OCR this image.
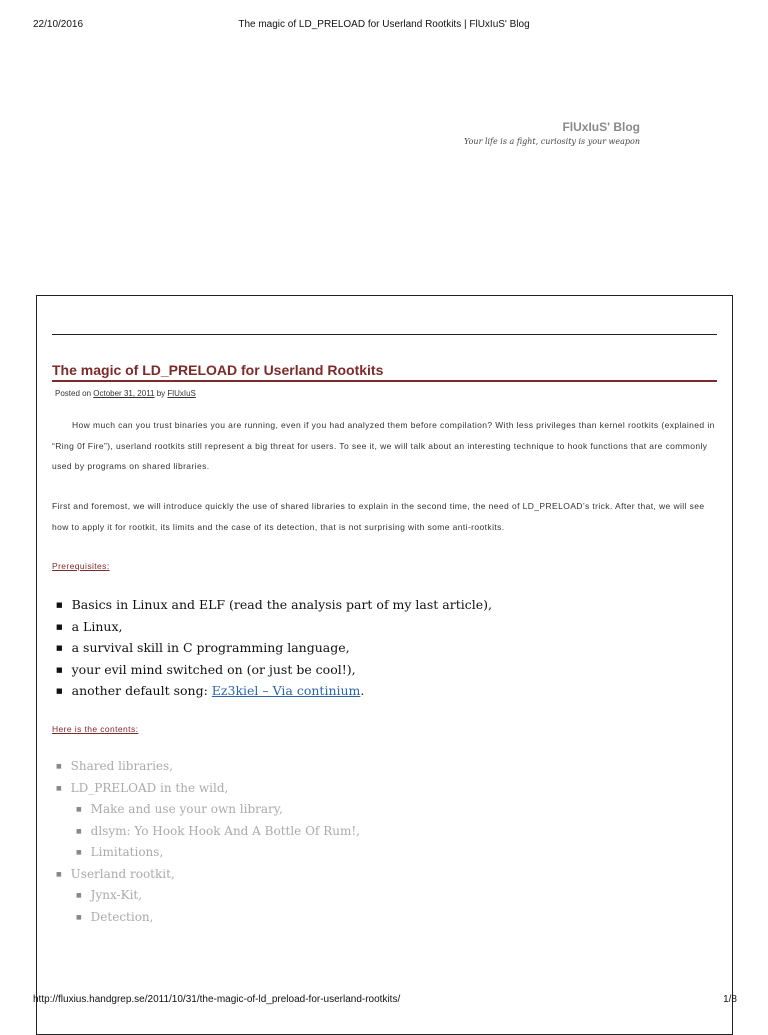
22/10/2016	The magic of LD_PRELOAD for Userland Rootkits | FlUxIuS' Blog
FlUxIuS' Blog
Your life is a fight, curiosity is your weapon
The magic of LD_PRELOAD for Userland Rootkits
Posted on October 31, 2011 by FlUxIuS

How much can you trust binaries you are running, even if you had analyzed them before compilation? With less privileges than kernel rootkits (explained in “Ring 0f Fire”), userland rootkits still represent a big threat for users. To see it, we will talk about an interesting technique to hook functions that are commonly used by programs on shared libraries.

First and foremost, we will introduce quickly the use of shared libraries to explain in the second time, the need of LD_PRELOAD’s trick. After that, we will see how to apply it for rootkit, its limits and the case of its detection, that is not surprising with some anti-rootkits.

Prerequisites:
■ Basics in Linux and ELF (read the analysis part of my last article),
■ a Linux,
■ a survival skill in C programming language,
■ your evil mind switched on (or just be cool!),
■ another default song: Ez3kiel – Via continium.
Here is the contents:
■ Shared libraries,
■ LD_PRELOAD in the wild,
■ Make and use your own library,
■ dlsym: Yo Hook Hook And A Bottle Of Rum!,
■ Limitations,
■ Userland rootkit,
■ Jynx-Kit,
■ Detection,
http://fluxius.handgrep.se/2011/10/31/the-magic-of-ld_preload-for-userland-rootkits/	1/8
